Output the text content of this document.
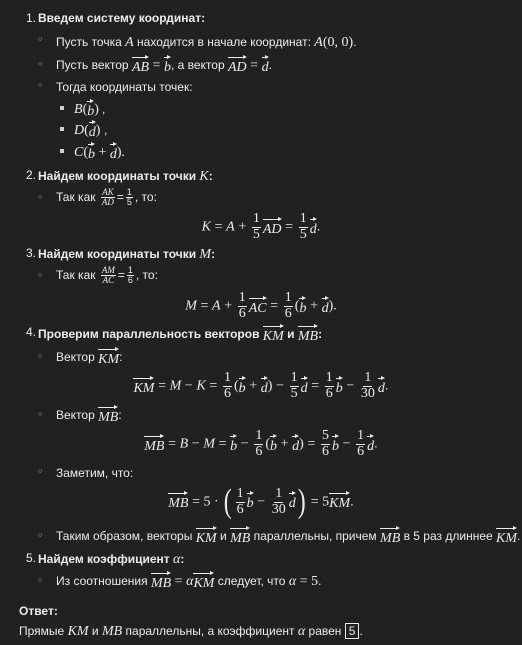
1. Введем систему координат:
○ Пусть точка A находится в начале координат: A(0, 0).
○ Пусть вектор AB = b, а вектор AD = d.
○ Тогда координаты точек:
B(b) ,
D(d) ,
C(b + d).
2. Найдем координаты точки K:
○ Так как $\frac{AK}{AD} = \frac{1}{5}$ , то:
$K = A + \frac{1}{5}$ AD = $\frac{1}{5} d$.
3. Найдем координаты точки M:
○ Так как $\frac{AM}{AC} = \frac{1}{6}$ , то:
$M = A + \frac{1}{6}$ AC = $\frac{1}{6} (b + d)$.
4. Проверим параллельность векторов KM и MB:
○ Вектор KM:
KM = $M - K = \frac{1}{6} (b + d) - \frac{1}{5}$ $d = \frac{1}{6}$ $b - \frac{1}{30} d$.
○ Вектор MB:
MB = $B - M = b - \frac{1}{6} (b + d) = \frac{5}{6}$ $b - \frac{1}{6} d$.
○ Заметим, что:
MB = 5 · ( $\frac{1}{6}$ $b - \frac{1}{30} d) = 5KM$.
○ Таким образом, векторы KM и MB параллельны, причем MB в 5 раз длиннее KM.
5. Найдем коэффициент α:
○ Из соотношения MB = αKM следует, что α = 5.
Ответ:
Прямые KM и MB параллельны, а коэффициент α равен 5 .
